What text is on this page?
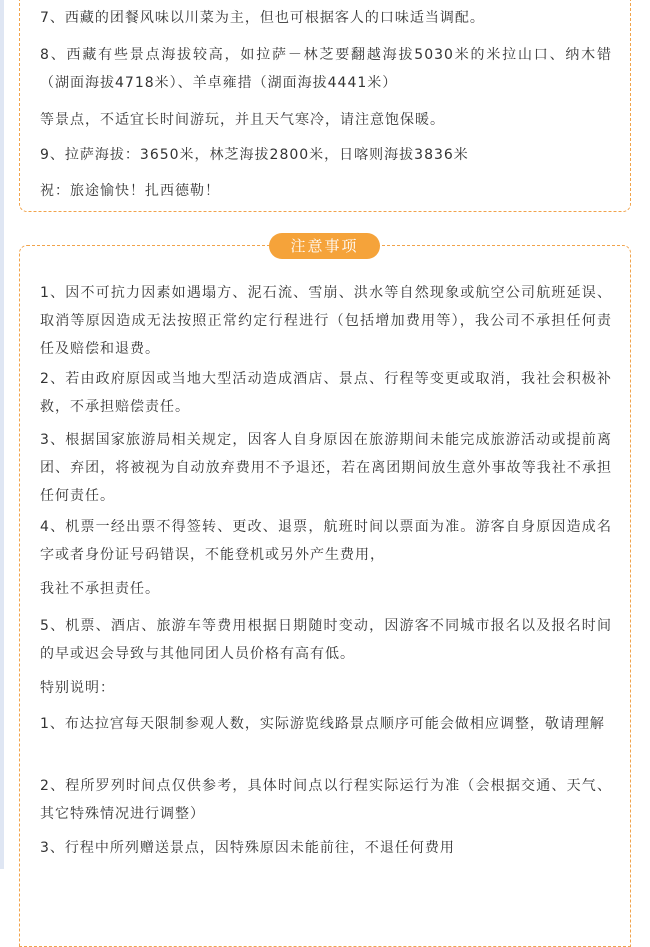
7、西藏的团餐风味以川菜为主，但也可根据客人的口味适当调配。

8、西藏有些景点海拔较高，如拉萨－林芝要翻越海拔5030米的米拉山口、纳木错（湖面海拔4718米）、羊卓雍措（湖面海拔4441米）

等景点，不适宜长时间游玩，并且天气寒冷，请注意饱保暖。

9、拉萨海拔：3650米，林芝海拔2800米，日喀则海拔3836米

祝：旅途愉快！扎西德勒！

注意事项

1、因不可抗力因素如遇塌方、泥石流、雪崩、洪水等自然现象或航空公司航班延误、取消等原因造成无法按照正常约定行程进行（包括增加费用等），我公司不承担任何责任及赔偿和退费。

2、若由政府原因或当地大型活动造成酒店、景点、行程等变更或取消，我社会积极补救，不承担赔偿责任。

3、根据国家旅游局相关规定，因客人自身原因在旅游期间未能完成旅游活动或提前离团、弃团，将被视为自动放弃费用不予退还，若在离团期间放生意外事故等我社不承担任何责任。

4、机票一经出票不得签转、更改、退票，航班时间以票面为准。游客自身原因造成名字或者身份证号码错误，不能登机或另外产生费用，

我社不承担责任。

5、机票、酒店、旅游车等费用根据日期随时变动，因游客不同城市报名以及报名时间的早或迟会导致与其他同团人员价格有高有低。

特别说明：

1、布达拉宫每天限制参观人数，实际游览线路景点顺序可能会做相应调整，敬请理解

2、程所罗列时间点仅供参考，具体时间点以行程实际运行为准（会根据交通、天气、其它特殊情况进行调整）

3、行程中所列赠送景点，因特殊原因未能前往，不退任何费用
